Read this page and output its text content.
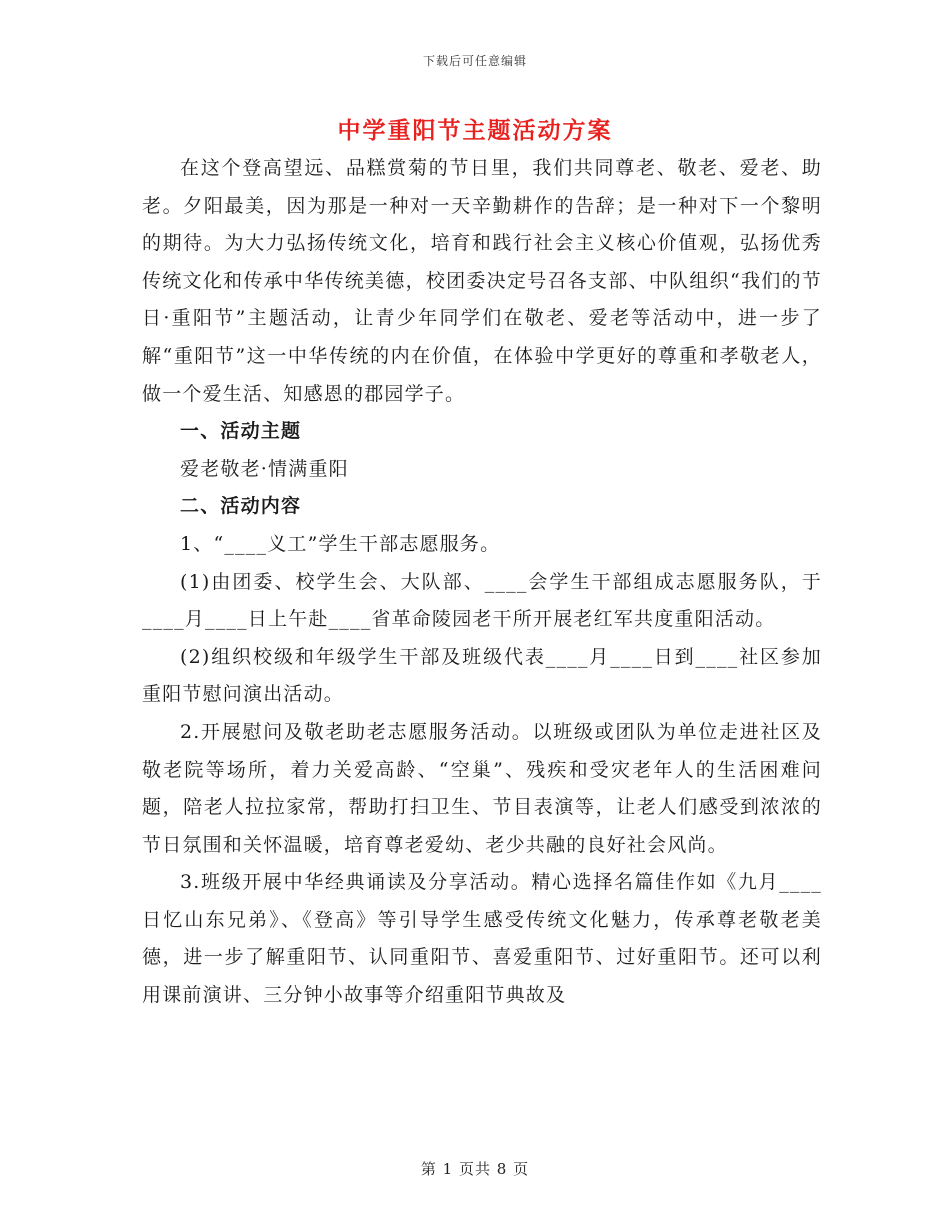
下载后可任意编辑
中学重阳节主题活动方案

在这个登高望远、品糕赏菊的节日里，我们共同尊老、敬老、爱老、助老。夕阳最美，因为那是一种对一天辛勤耕作的告辞；是一种对下一个黎明的期待。为大力弘扬传统文化，培育和践行社会主义核心价值观，弘扬优秀传统文化和传承中华传统美德，校团委决定号召各支部、中队组织“我们的节日·重阳节”主题活动，让青少年同学们在敬老、爱老等活动中，进一步了解“重阳节”这一中华传统的内在价值，在体验中学更好的尊重和孝敬老人，做一个爱生活、知感恩的郡园学子。

一、活动主题

爱老敬老·情满重阳

二、活动内容

1、“____义工”学生干部志愿服务。

(1)由团委、校学生会、大队部、____会学生干部组成志愿服务队，于____月____日上午赴____省革命陵园老干所开展老红军共度重阳活动。

(2)组织校级和年级学生干部及班级代表____月____日到____社区参加重阳节慰问演出活动。

2.开展慰问及敬老助老志愿服务活动。以班级或团队为单位走进社区及敬老院等场所，着力关爱高龄、“空巢”、残疾和受灾老年人的生活困难问题，陪老人拉拉家常，帮助打扫卫生、节目表演等，让老人们感受到浓浓的节日氛围和关怀温暖，培育尊老爱幼、老少共融的良好社会风尚。

3.班级开展中华经典诵读及分享活动。精心选择名篇佳作如《九月____日忆山东兄弟》、《登高》等引导学生感受传统文化魅力，传承尊老敬老美德，进一步了解重阳节、认同重阳节、喜爱重阳节、过好重阳节。还可以利用课前演讲、三分钟小故事等介绍重阳节典故及

第 1 页共 8 页
